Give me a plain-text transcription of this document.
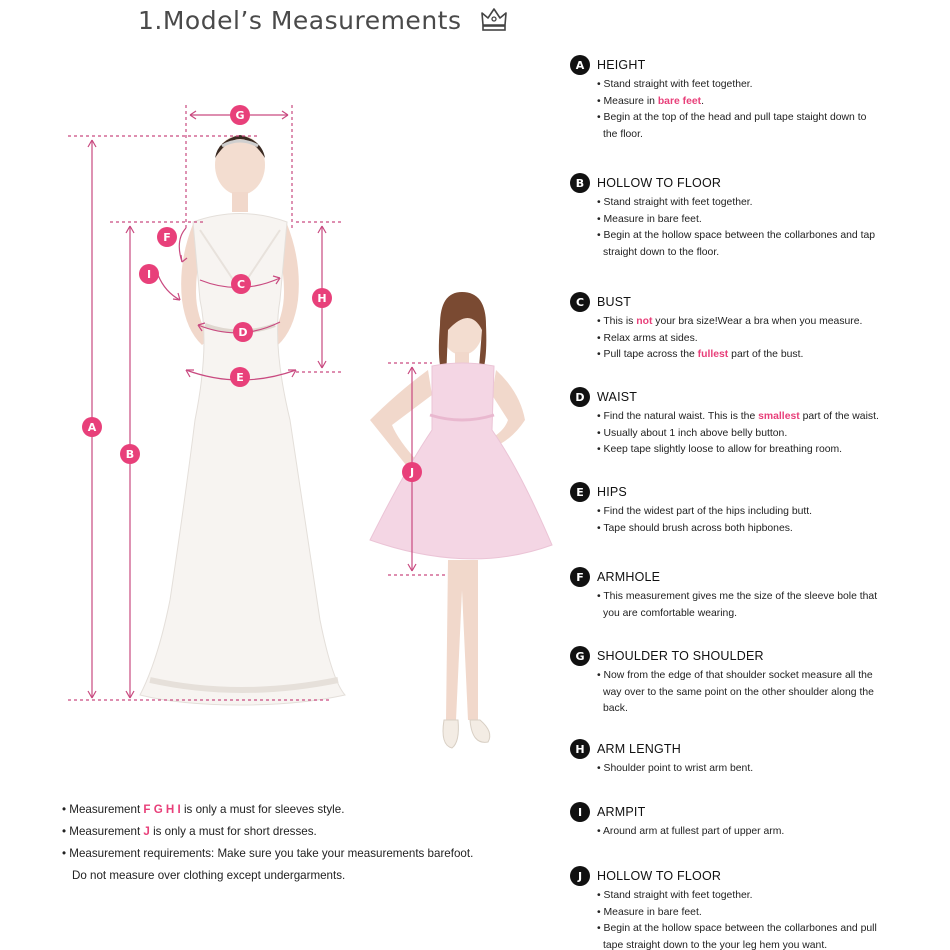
1.Model’s Measurements
G
A
B
H
C
D
E
F
I
J
A	HEIGHT
• Stand straight with feet together.
• Measure in bare feet.
• Begin at the top of the head and pull tape staight down to
the floor.
B	HOLLOW TO FLOOR
• Stand straight with feet together.
• Measure in bare feet.
• Begin at the hollow space between the collarbones and tap
straight down to the floor.
C	BUST
• This is not your bra size!Wear a bra when you measure.
• Relax arms at sides.
• Pull tape across the fullest part of the bust.
D WAIST
• Find the natural waist. This is the smallest part of the waist.
• Usually about 1 inch above belly button.
• Keep tape slightly loose to allow for breathing room.
E	HIPS
• Find the widest part of the hips including butt.
• Tape should brush across both hipbones.
F	ARMHOLE
• This measurement gives me the size of the sleeve bole that
you are comfortable wearing.
G SHOULDER TO SHOULDER
• Now from the edge of that shoulder socket measure all the
way over to the same point on the other shoulder along the
back.
H ARM LENGTH
• Shoulder point to wrist arm bent.
I	ARMPIT
• Around arm at fullest part of upper arm.
J	HOLLOW TO FLOOR
• Stand straight with feet together.
• Measure in bare feet.
• Begin at the hollow space between the collarbones and pull
tape straight down to the your leg hem you want.
• Measurement F G H I is only a must for sleeves style.
• Measurement J is only a must for short dresses.
• Measurement requirements: Make sure you take your measurements barefoot.
Do not measure over clothing except undergarments.
